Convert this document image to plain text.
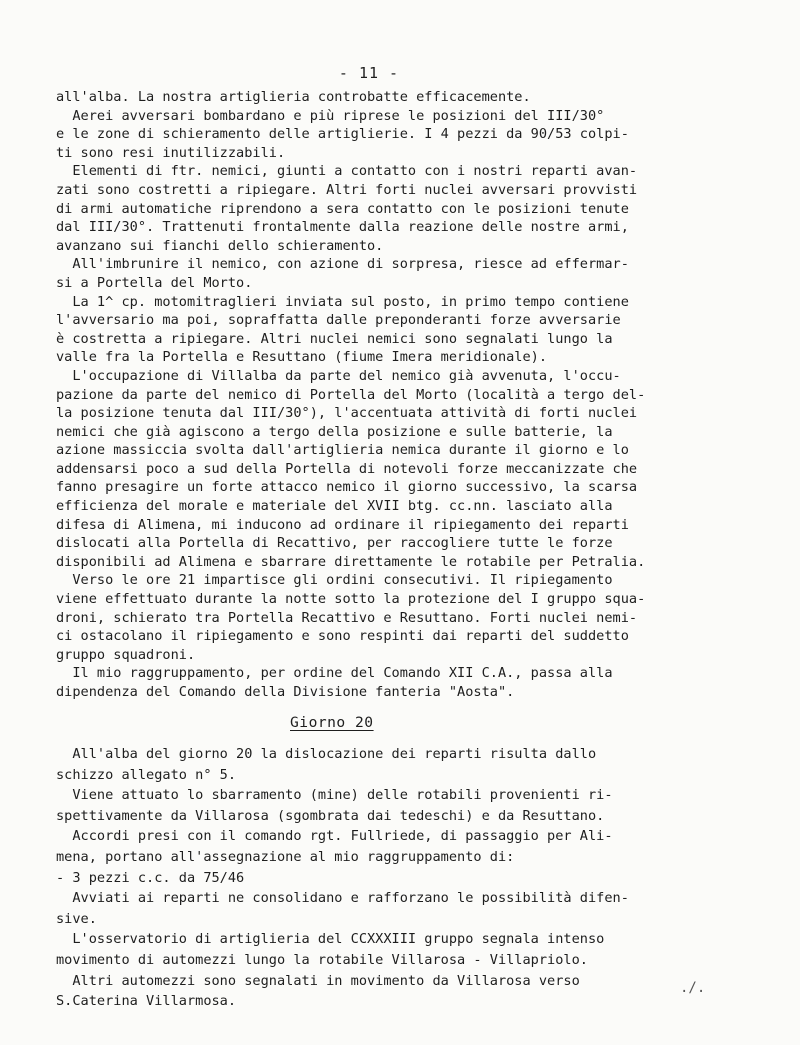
- 11 -
all'alba. La nostra artiglieria controbatte efficacemente.
Aerei avversari bombardano e più riprese le posizioni del III/30°
e le zone di schieramento delle artiglierie. I 4 pezzi da 90/53 colpi-
ti sono resi inutilizzabili.
Elementi di ftr. nemici, giunti a contatto con i nostri reparti avan-
zati sono costretti a ripiegare. Altri forti nuclei avversari provvisti
di armi automatiche riprendono a sera contatto con le posizioni tenute
dal III/30°. Trattenuti frontalmente dalla reazione delle nostre armi,
avanzano sui fianchi dello schieramento.
All'imbrunire il nemico, con azione di sorpresa, riesce ad effermar-
si a Portella del Morto.
La 1^ cp. motomitraglieri inviata sul posto, in primo tempo contiene
l'avversario ma poi, sopraffatta dalle preponderanti forze avversarie
è costretta a ripiegare. Altri nuclei nemici sono segnalati lungo la
valle fra la Portella e Resuttano (fiume Imera meridionale).
L'occupazione di Villalba da parte del nemico già avvenuta, l'occu-
pazione da parte del nemico di Portella del Morto (località a tergo del-
la posizione tenuta dal III/30°), l'accentuata attività di forti nuclei
nemici che già agiscono a tergo della posizione e sulle batterie, la
azione massiccia svolta dall'artiglieria nemica durante il giorno e lo
addensarsi poco a sud della Portella di notevoli forze meccanizzate che
fanno presagire un forte attacco nemico il giorno successivo, la scarsa
efficienza del morale e materiale del XVII btg. cc.nn. lasciato alla
difesa di Alimena, mi inducono ad ordinare il ripiegamento dei reparti
dislocati alla Portella di Recattivo, per raccogliere tutte le forze
disponibili ad Alimena e sbarrare direttamente le rotabile per Petralia.
Verso le ore 21 impartisce gli ordini consecutivi. Il ripiegamento
viene effettuato durante la notte sotto la protezione del I gruppo squa-
droni, schierato tra Portella Recattivo e Resuttano. Forti nuclei nemi-
ci ostacolano il ripiegamento e sono respinti dai reparti del suddetto
gruppo squadroni.
Il mio raggruppamento, per ordine del Comando XII C.A., passa alla
dipendenza del Comando della Divisione fanteria "Aosta".
Giorno 20
All'alba del giorno 20 la dislocazione dei reparti risulta dallo
schizzo allegato n° 5.
Viene attuato lo sbarramento (mine) delle rotabili provenienti ri-
spettivamente da Villarosa (sgombrata dai tedeschi) e da Resuttano.
Accordi presi con il comando rgt. Fullriede, di passaggio per Ali-
mena, portano all'assegnazione al mio raggruppamento di:
- 3 pezzi c.c. da 75/46
Avviati ai reparti ne consolidano e rafforzano le possibilità difen-
sive.
L'osservatorio di artiglieria del CCXXXIII gruppo segnala intenso
movimento di automezzi lungo la rotabile Villarosa - Villapriolo.
Altri automezzi sono segnalati in movimento da Villarosa verso
S.Caterina Villarmosa.
./.
